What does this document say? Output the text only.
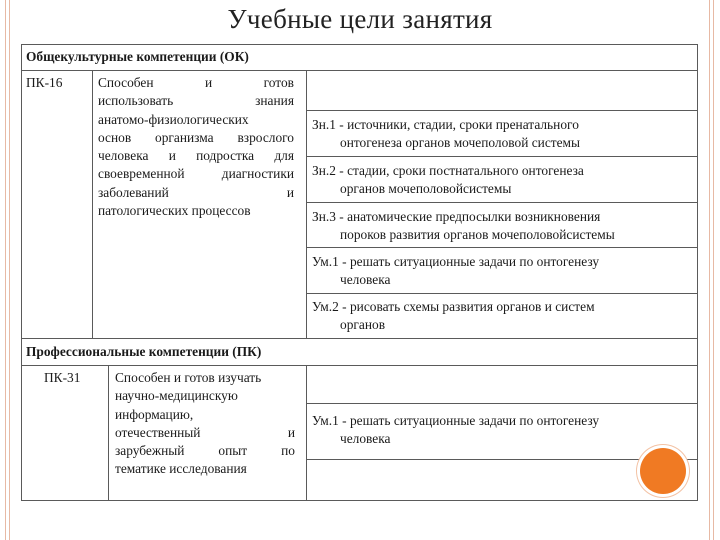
Учебные цели занятия
Общекультурные компетенции (ОК)
Профессиональные компетенции (ПК)
ПК-16	Способен и готов
использовать знания
анатомо-физиологических
основ организма взрослого
человека и подростка для
своевременной диагностики
заболеваний и
патологических процессов
Зн.1 - источники, стадии, сроки пренатального
онтогенеза органов мочеполовой системы
Зн.2 - стадии, сроки постнатального онтогенеза
органов мочеполовойсистемы
Зн.3 - анатомические предпосылки возникновения
пороков развития органов мочеполовойсистемы
Ум.1 - решать ситуационные задачи по онтогенезу
человека
Ум.2 - рисовать схемы развития органов и систем
органов
ПК-31	Способен и готов изучать
научно-медицинскую
информацию,
отечественный и
зарубежный опыт по
тематике исследования
Ум.1 - решать ситуационные задачи по онтогенезу
человека
